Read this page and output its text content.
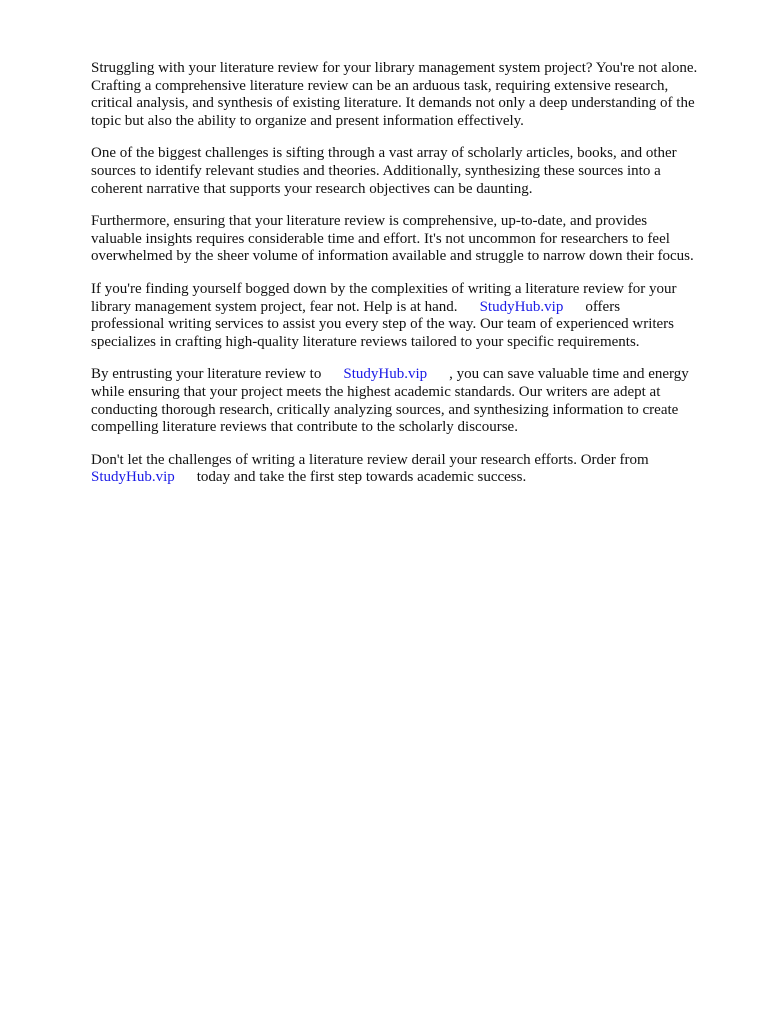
Struggling with your literature review for your library management system project? You're not alone.
Crafting a comprehensive literature review can be an arduous task, requiring extensive research,
critical analysis, and synthesis of existing literature. It demands not only a deep understanding of the
topic but also the ability to organize and present information effectively.

One of the biggest challenges is sifting through a vast array of scholarly articles, books, and other
sources to identify relevant studies and theories. Additionally, synthesizing these sources into a
coherent narrative that supports your research objectives can be daunting.

Furthermore, ensuring that your literature review is comprehensive, up-to-date, and provides
valuable insights requires considerable time and effort. It's not uncommon for researchers to feel
overwhelmed by the sheer volume of information available and struggle to narrow down their focus.

If you're finding yourself bogged down by the complexities of writing a literature review for your
library management system project, fear not. Help is at hand. StudyHub.vip offers
professional writing services to assist you every step of the way. Our team of experienced writers
specializes in crafting high-quality literature reviews tailored to your specific requirements.

By entrusting your literature review to StudyHub.vip , you can save valuable time and energy
while ensuring that your project meets the highest academic standards. Our writers are adept at
conducting thorough research, critically analyzing sources, and synthesizing information to create
compelling literature reviews that contribute to the scholarly discourse.

Don't let the challenges of writing a literature review derail your research efforts. Order from
StudyHub.vip today and take the first step towards academic success.
